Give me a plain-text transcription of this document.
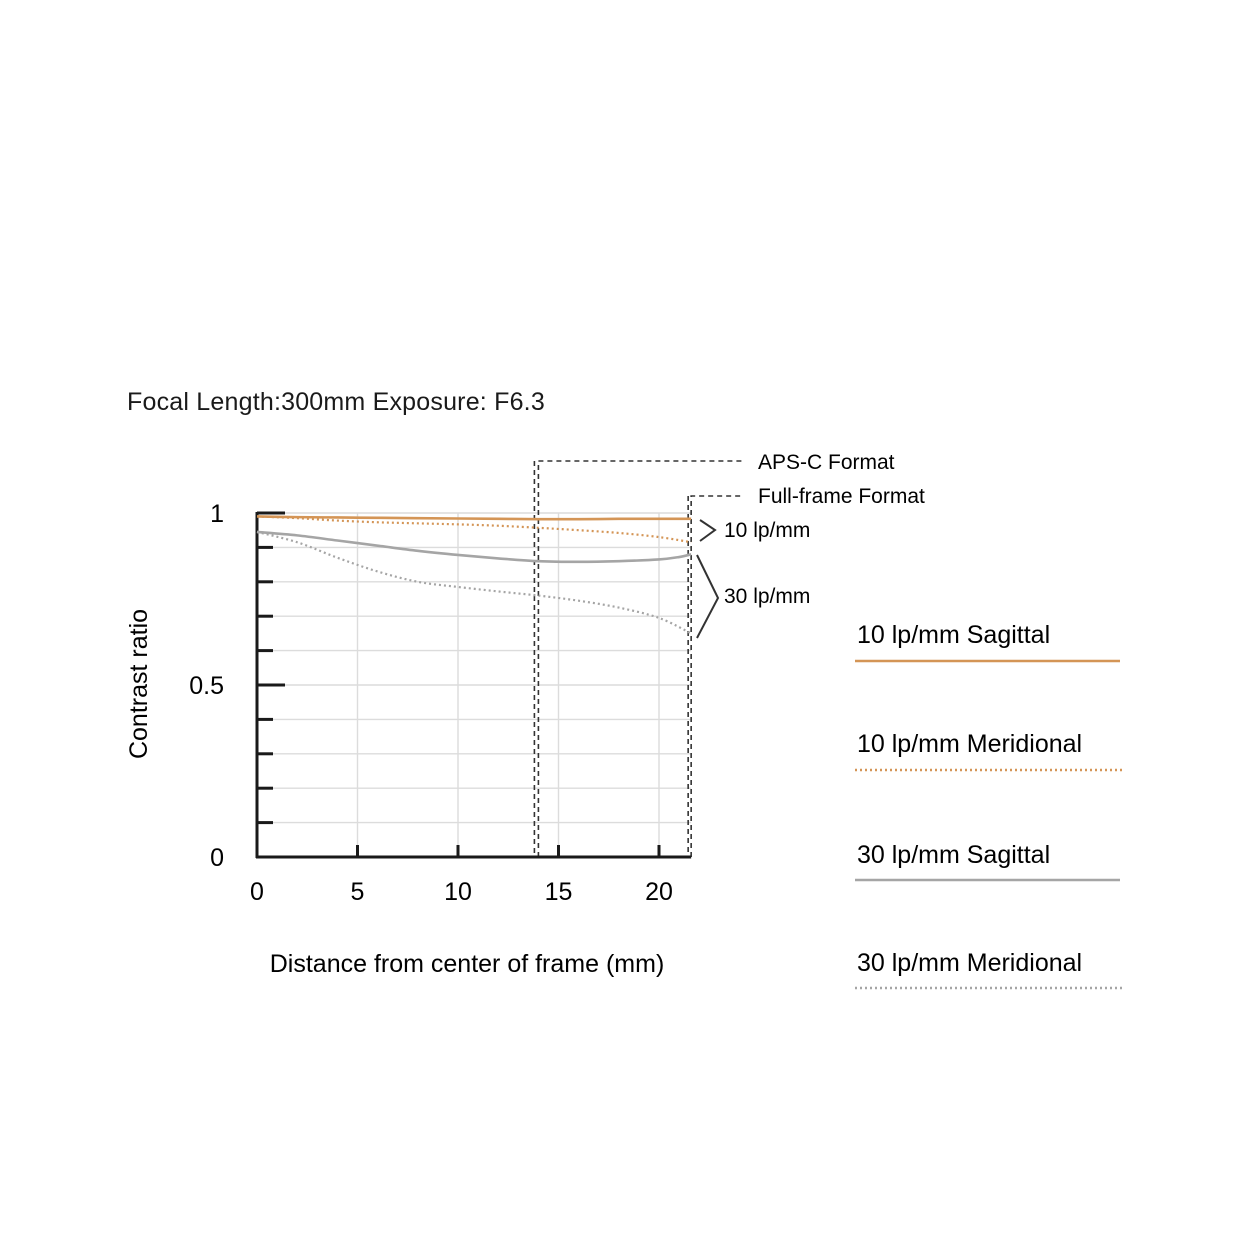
Focal Length:300mm Exposure: F6.3
0	5	10	15	20
1
0.5
0
Contrast ratio
Distance from center of frame (mm)
10 lp/mm
30 lp/mm
APS-C Format
Full-frame Format
10 lp/mm Sagittal
10 lp/mm Meridional
30 lp/mm Sagittal
30 lp/mm Meridional
